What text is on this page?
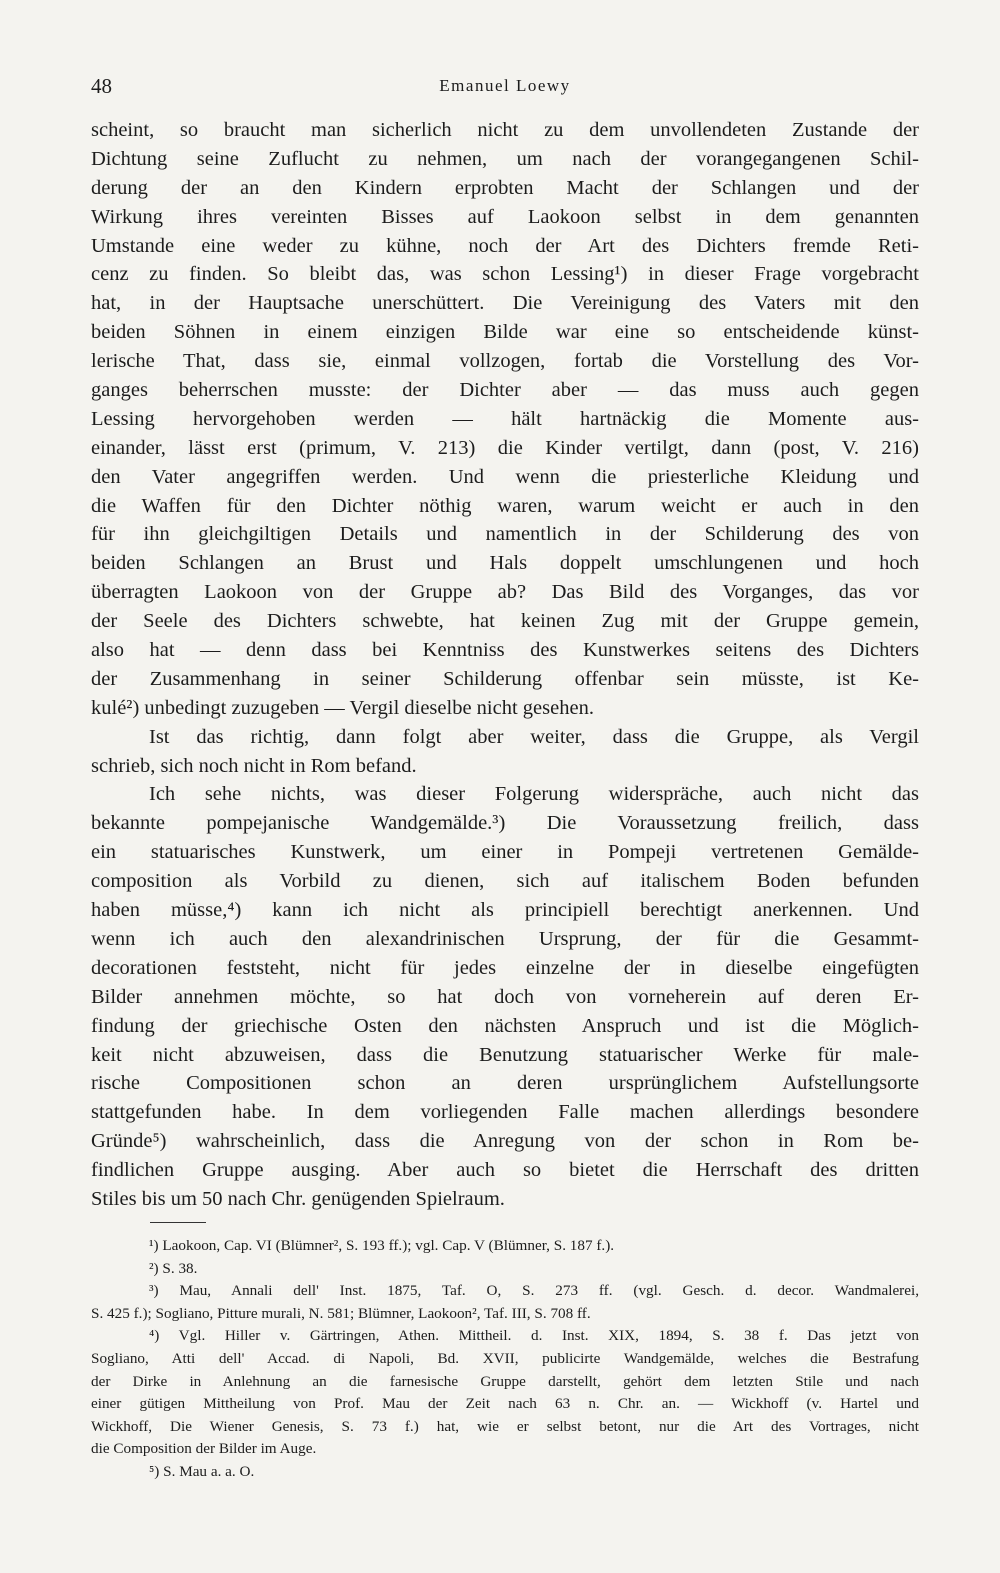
48	Emanuel Loewy
scheint, so braucht man sicherlich nicht zu dem unvollendeten Zustande der
Dichtung seine Zuflucht zu nehmen, um nach der vorangegangenen Schil-
derung der an den Kindern erprobten Macht der Schlangen und der
Wirkung ihres vereinten Bisses auf Laokoon selbst in dem genannten
Umstande eine weder zu kühne, noch der Art des Dichters fremde Reti-
cenz zu finden. So bleibt das, was schon Lessing¹) in dieser Frage vorgebracht
hat, in der Hauptsache unerschüttert. Die Vereinigung des Vaters mit den
beiden Söhnen in einem einzigen Bilde war eine so entscheidende künst-
lerische That, dass sie, einmal vollzogen, fortab die Vorstellung des Vor-
ganges beherrschen musste: der Dichter aber — das muss auch gegen
Lessing hervorgehoben werden — hält hartnäckig die Momente aus-
einander, lässt erst (primum, V. 213) die Kinder vertilgt, dann (post, V. 216)
den Vater angegriffen werden. Und wenn die priesterliche Kleidung und
die Waffen für den Dichter nöthig waren, warum weicht er auch in den
für ihn gleichgiltigen Details und namentlich in der Schilderung des von
beiden Schlangen an Brust und Hals doppelt umschlungenen und hoch
überragten Laokoon von der Gruppe ab? Das Bild des Vorganges, das vor
der Seele des Dichters schwebte, hat keinen Zug mit der Gruppe gemein,
also hat — denn dass bei Kenntniss des Kunstwerkes seitens des Dichters
der Zusammenhang in seiner Schilderung offenbar sein müsste, ist Ke-
kulé²) unbedingt zuzugeben — Vergil dieselbe nicht gesehen.
Ist das richtig, dann folgt aber weiter, dass die Gruppe, als Vergil
schrieb, sich noch nicht in Rom befand.
Ich sehe nichts, was dieser Folgerung widerspräche, auch nicht das
bekannte pompejanische Wandgemälde.³) Die Voraussetzung freilich, dass
ein statuarisches Kunstwerk, um einer in Pompeji vertretenen Gemälde-
composition als Vorbild zu dienen, sich auf italischem Boden befunden
haben müsse,⁴) kann ich nicht als principiell berechtigt anerkennen. Und
wenn ich auch den alexandrinischen Ursprung, der für die Gesammt-
decorationen feststeht, nicht für jedes einzelne der in dieselbe eingefügten
Bilder annehmen möchte, so hat doch von vorneherein auf deren Er-
findung der griechische Osten den nächsten Anspruch und ist die Möglich-
keit nicht abzuweisen, dass die Benutzung statuarischer Werke für male-
rische Compositionen schon an deren ursprünglichem Aufstellungsorte
stattgefunden habe. In dem vorliegenden Falle machen allerdings besondere
Gründe⁵) wahrscheinlich, dass die Anregung von der schon in Rom be-
findlichen Gruppe ausging. Aber auch so bietet die Herrschaft des dritten
Stiles bis um 50 nach Chr. genügenden Spielraum.
¹) Laokoon, Cap. VI (Blümner², S. 193 ff.); vgl. Cap. V (Blümner, S. 187 f.).
²) S. 38.
³) Mau, Annali dell' Inst. 1875, Taf. O, S. 273 ff. (vgl. Gesch. d. decor. Wandmalerei,
S. 425 f.); Sogliano, Pitture murali, N. 581; Blümner, Laokoon², Taf. III, S. 708 ff.
⁴) Vgl. Hiller v. Gärtringen, Athen. Mittheil. d. Inst. XIX, 1894, S. 38 f. Das jetzt von
Sogliano, Atti dell' Accad. di Napoli, Bd. XVII, publicirte Wandgemälde, welches die Bestrafung
der Dirke in Anlehnung an die farnesische Gruppe darstellt, gehört dem letzten Stile und nach
einer gütigen Mittheilung von Prof. Mau der Zeit nach 63 n. Chr. an. — Wickhoff (v. Hartel und
Wickhoff, Die Wiener Genesis, S. 73 f.) hat, wie er selbst betont, nur die Art des Vortrages, nicht
die Composition der Bilder im Auge.
⁵) S. Mau a. a. O.
